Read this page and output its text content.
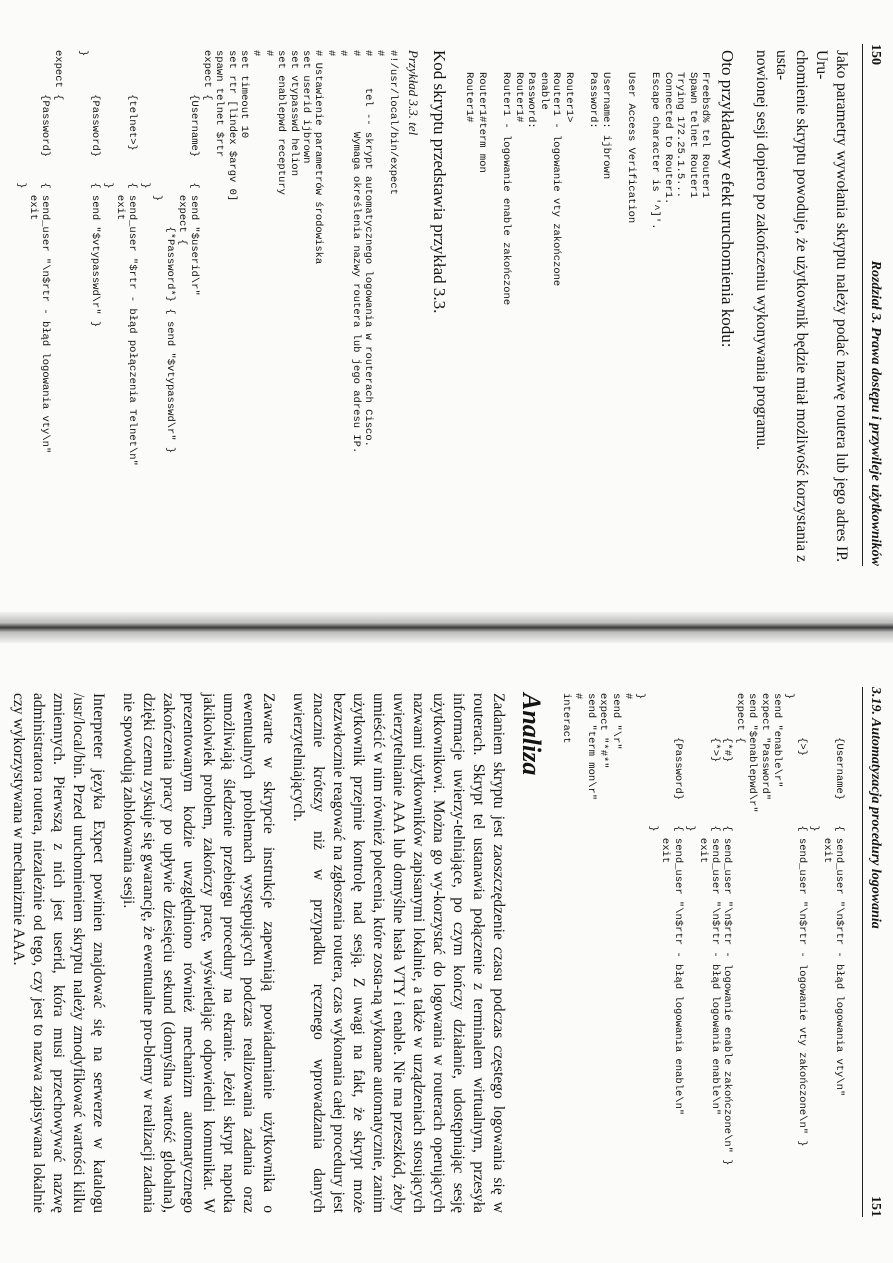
150
Rozdział 3. Prawa dostępu i przywileje użytkowników

Jako parametry wywołania skryptu należy podać nazwę routera lub jego adres IP. Uru-
chomienie skryptu powoduje, że użytkownik będzie miał możliwość korzystania z usta-
nowionej sesji dopiero po zakończeniu wykonywania programu.

Oto przykładowy efekt uruchomienia kodu:
Freebsd% tel Router1
Spawn telnet Router1
Trying 172.25.1.5...
Connected to Router1.
Escape character is '^]'.

User Access Verification

Username: ijbrown
Password:

Router1>
Router1 - logowanie vty zakończone
enable
Password:
Router1#
Router1 - logowanie enable zakończone

Router1#term mon
Router1#
Kod skryptu przedstawia przykład 3.3.
Przykład 3.3. tel
#!/usr/local/bin/expect
#
#     tel -- skrypt automatycznego logowania w routerach Cisco.
#            Wymaga określenia nazwy routera lub jego adresu IP.
#
#
# Ustawienie parametrów środowiska
set userid ijbrown
set vtypasswd helion
set enablepwd receptury
#
#
set timeout 10
set rtr [lindex $argv 0]
spawn telnet $rtr
expect {
{Username}    { send "$userid\r"
expect {
{*Password*} { send "$vtypasswd\r" }
}
}
{telnet>}     { send_user "$rtr - błąd połączenia Telnet\n"
exit
}
{Password}    { send "$vtypasswd\r" }
}

expect {
{Password}    { send_user "\n$rtr - błąd logowania vty\n"
exit
}
3.19. Automatyzacja procedury logowania
151
{Username}    { send_user "\n$rtr - błąd logowania vty\n"
exit
}
{>}           { send_user "\n$rtr - logowanie vty zakończone\n" }
}
send "enable\r"
expect "Password"
send "$enablepwd\r"
expect {
{*#}          { send_user "\n$rtr - logowanie enable zakończone\n" }
{*>}          { send_user "\n$rtr - błąd logowania enable\n"
exit
}
{Password}    { send_user "\n$rtr - błąd logowania enable\n"
exit
}
}
#
send "\r"
expect "*#*"
send "term mon\r"
#
interact
Analiza

Zadaniem skryptu jest zaoszczędzenie czasu podczas częstego logowania się w routerach. Skrypt tel ustanawia połączenie z terminalem wirtualnym, przesyła informacje uwierzy-telniające, po czym kończy działanie, udostępniając sesję użytkownikowi. Można go wy-korzystać do logowania w routerach operujących nazwami użytkowników zapisanymi lokalnie, a także w urządzeniach stosujących uwierzytelnianie AAA lub domyślne hasła VTY i enable. Nie ma przeszkód, żeby umieścić w nim również polecenia, które zosta-ną wykonane automatycznie, zanim użytkownik przejmie kontrolę nad sesją. Z uwagi na fakt, że skrypt może bezzwłocznie reagować na zgłoszenia routera, czas wykonania całej procedury jest znacznie krótszy niż w przypadku ręcznego wprowadzania danych uwierzytelniających.

Zawarte w skrypcie instrukcje zapewniają powiadamianie użytkownika o ewentualnych problemach występujących podczas realizowania zadania oraz umożliwiają śledzenie przebiegu procedury na ekranie. Jeżeli skrypt napotka jakikolwiek problem, zakończy pracę, wyświetlając odpowiedni komunikat. W prezentowanym kodzie uwzględniono również mechanizm automatycznego zakończenia pracy po upływie dziesięciu sekund (domyślna wartość globalna), dzięki czemu zyskuje się gwarancję, że ewentualne pro-blemy w realizacji zadania nie spowodują zablokowania sesji.

Interpreter języka Expect powinien znajdować się na serwerze w katalogu /usr/local/bin. Przed uruchomieniem skryptu należy zmodyfikować wartości kilku zmiennych. Pierwszą z nich jest userid, która musi przechowywać nazwę administratora routera, niezależnie od tego, czy jest to nazwa zapisywana lokalnie czy wykorzystywana w mechanizmie AAA.
